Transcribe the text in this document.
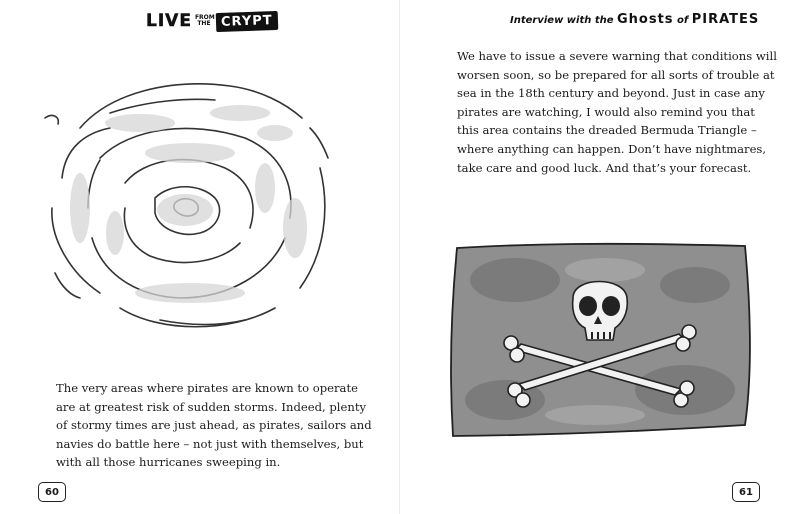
LIVE FROM THE CRYPT

The very areas where pirates are known to operate are at greatest risk of sudden storms. Indeed, plenty of stormy times are just ahead, as pirates, sailors and navies do battle here – not just with themselves, but with all those hurricanes sweeping in.

60
Interview with the Ghosts of PIRATES

We have to issue a severe warning that conditions will worsen soon, so be prepared for all sorts of trouble at sea in the 18th century and beyond. Just in case any pirates are watching, I would also remind you that this area contains the dreaded Bermuda Triangle – where anything can happen. Don’t have nightmares, take care and good luck. And that’s your forecast.

61
